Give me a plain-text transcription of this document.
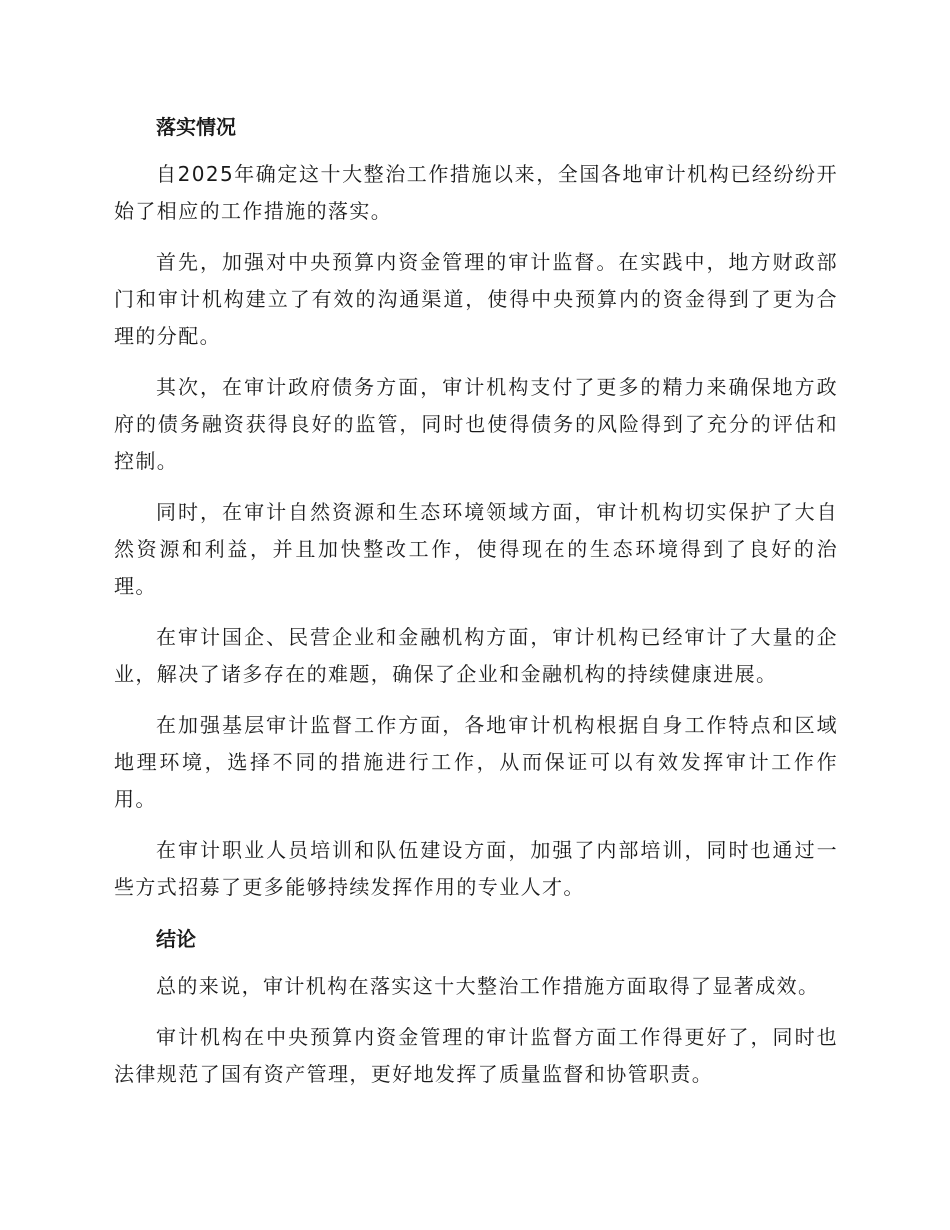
落实情况

自2025年确定这十大整治工作措施以来，全国各地审计机构已经纷纷开始了相应的工作措施的落实。

首先，加强对中央预算内资金管理的审计监督。在实践中，地方财政部门和审计机构建立了有效的沟通渠道，使得中央预算内的资金得到了更为合理的分配。

其次，在审计政府债务方面，审计机构支付了更多的精力来确保地方政府的债务融资获得良好的监管，同时也使得债务的风险得到了充分的评估和控制。

同时，在审计自然资源和生态环境领域方面，审计机构切实保护了大自然资源和利益，并且加快整改工作，使得现在的生态环境得到了良好的治理。

在审计国企、民营企业和金融机构方面，审计机构已经审计了大量的企业，解决了诸多存在的难题，确保了企业和金融机构的持续健康进展。

在加强基层审计监督工作方面，各地审计机构根据自身工作特点和区域地理环境，选择不同的措施进行工作，从而保证可以有效发挥审计工作作用。

在审计职业人员培训和队伍建设方面，加强了内部培训，同时也通过一些方式招募了更多能够持续发挥作用的专业人才。

结论

总的来说，审计机构在落实这十大整治工作措施方面取得了显著成效。

审计机构在中央预算内资金管理的审计监督方面工作得更好了，同时也法律规范了国有资产管理，更好地发挥了质量监督和协管职责。
